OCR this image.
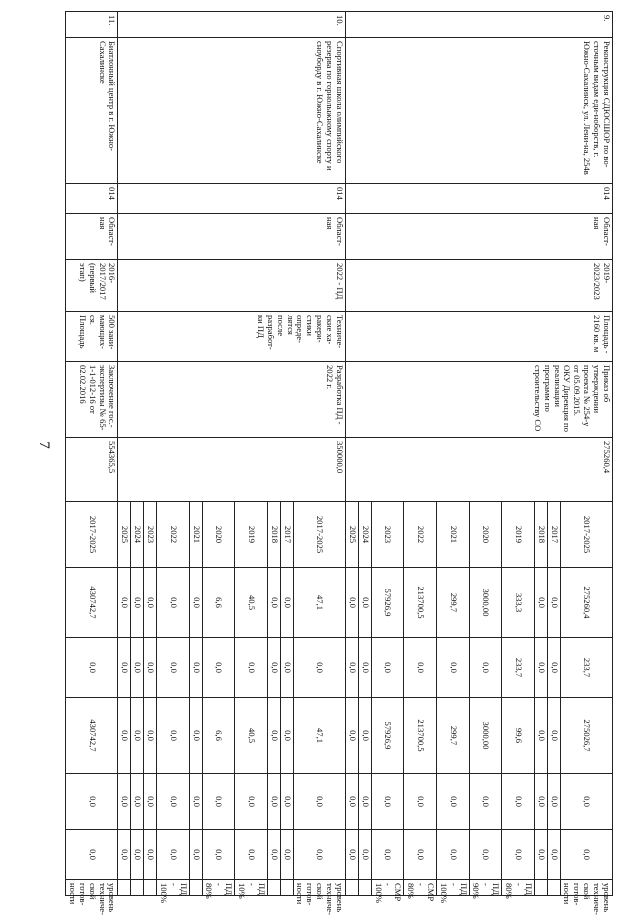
7
9.	Реконструкция СДЮСШОР по во-сточным видам еди-ноборств, г. Южно-Сахалинск, ул. Лени-на, 254в	014	Област-ная	2019-2023/2023	Площадь - 2160 кв. м	Приказ об утверждении проекта № 254-у от 05.09.2015. ОКУ Дирекция по реализации программ по строительству СО	275260,4	2017-2025	275260,4	233,7	275026,7	0,0	0,0	уровень техниче-ской готов-ности
								2017	0,0	0,0	0,0	0,0	0,0	
								2018	0,0	0,0	0,0	0,0	0,0	
								2019	333,3	233,7	99,6	0,0	0,0	ПД - 80%
								2020	3000,00	0,0	3000,00	0,0	0,0	ПД - 90%
								2021	299,7	0,0	299,7	0,0	0,0	ПД - 100%
								2022	213700,5	0,0	213700,5	0,0	0,0	СМР - 80%
								2023	57926,9	0,0	57926,9	0,0	0,0	СМР - 100%
								2024	0,0	0,0	0,0	0,0	0,0	
								2025	0,0	0,0	0,0	0,0	0,0	
10.	Спортивная школа олимпийского резерва по горнолыжному спорту и сноуборду в г. Южно-Сахалинске	014	Област-ная	2022 - ПД	Техниче-ские ха-ракери-стики опреде-лятся после разработ-ки ПД	Разработка ПД - 2022 г.	350000,0	2017-2025	47,1	0,0	47,1	0,0	0,0	уровень техниче-ской готов-ности
								2017	0,0	0,0	0,0	0,0	0,0	
								2018	0,0	0,0	0,0	0,0	0,0	
								2019	40,5	0,0	40,5	0,0	0,0	ПД - 10%
								2020	6,6	0,0	6,6	0,0	0,0	ПД - 80%
								2021	0,0	0,0	0,0	0,0	0,0	
								2022	0,0	0,0	0,0	0,0	0,0	ПД - 100%
								2023	0,0	0,0	0,0	0,0	0,0	
								2024	0,0	0,0	0,0	0,0	0,0	
								2025	0,0	0,0	0,0	0,0	0,0	
11.	Биатлонный центр в г. Южно-Сахалинске	014	Област-ная	2016-2017/2017 (первый этап)	500 зани-мающих-ся. Площадь	Заключение гос.-экспертизы № 65-1-1-012-16 от 02.02.2016	554365,5	2017-2025	430742,7	0,0	430742,7	0,0	0,0	уровень техниче-ской готов-ности
